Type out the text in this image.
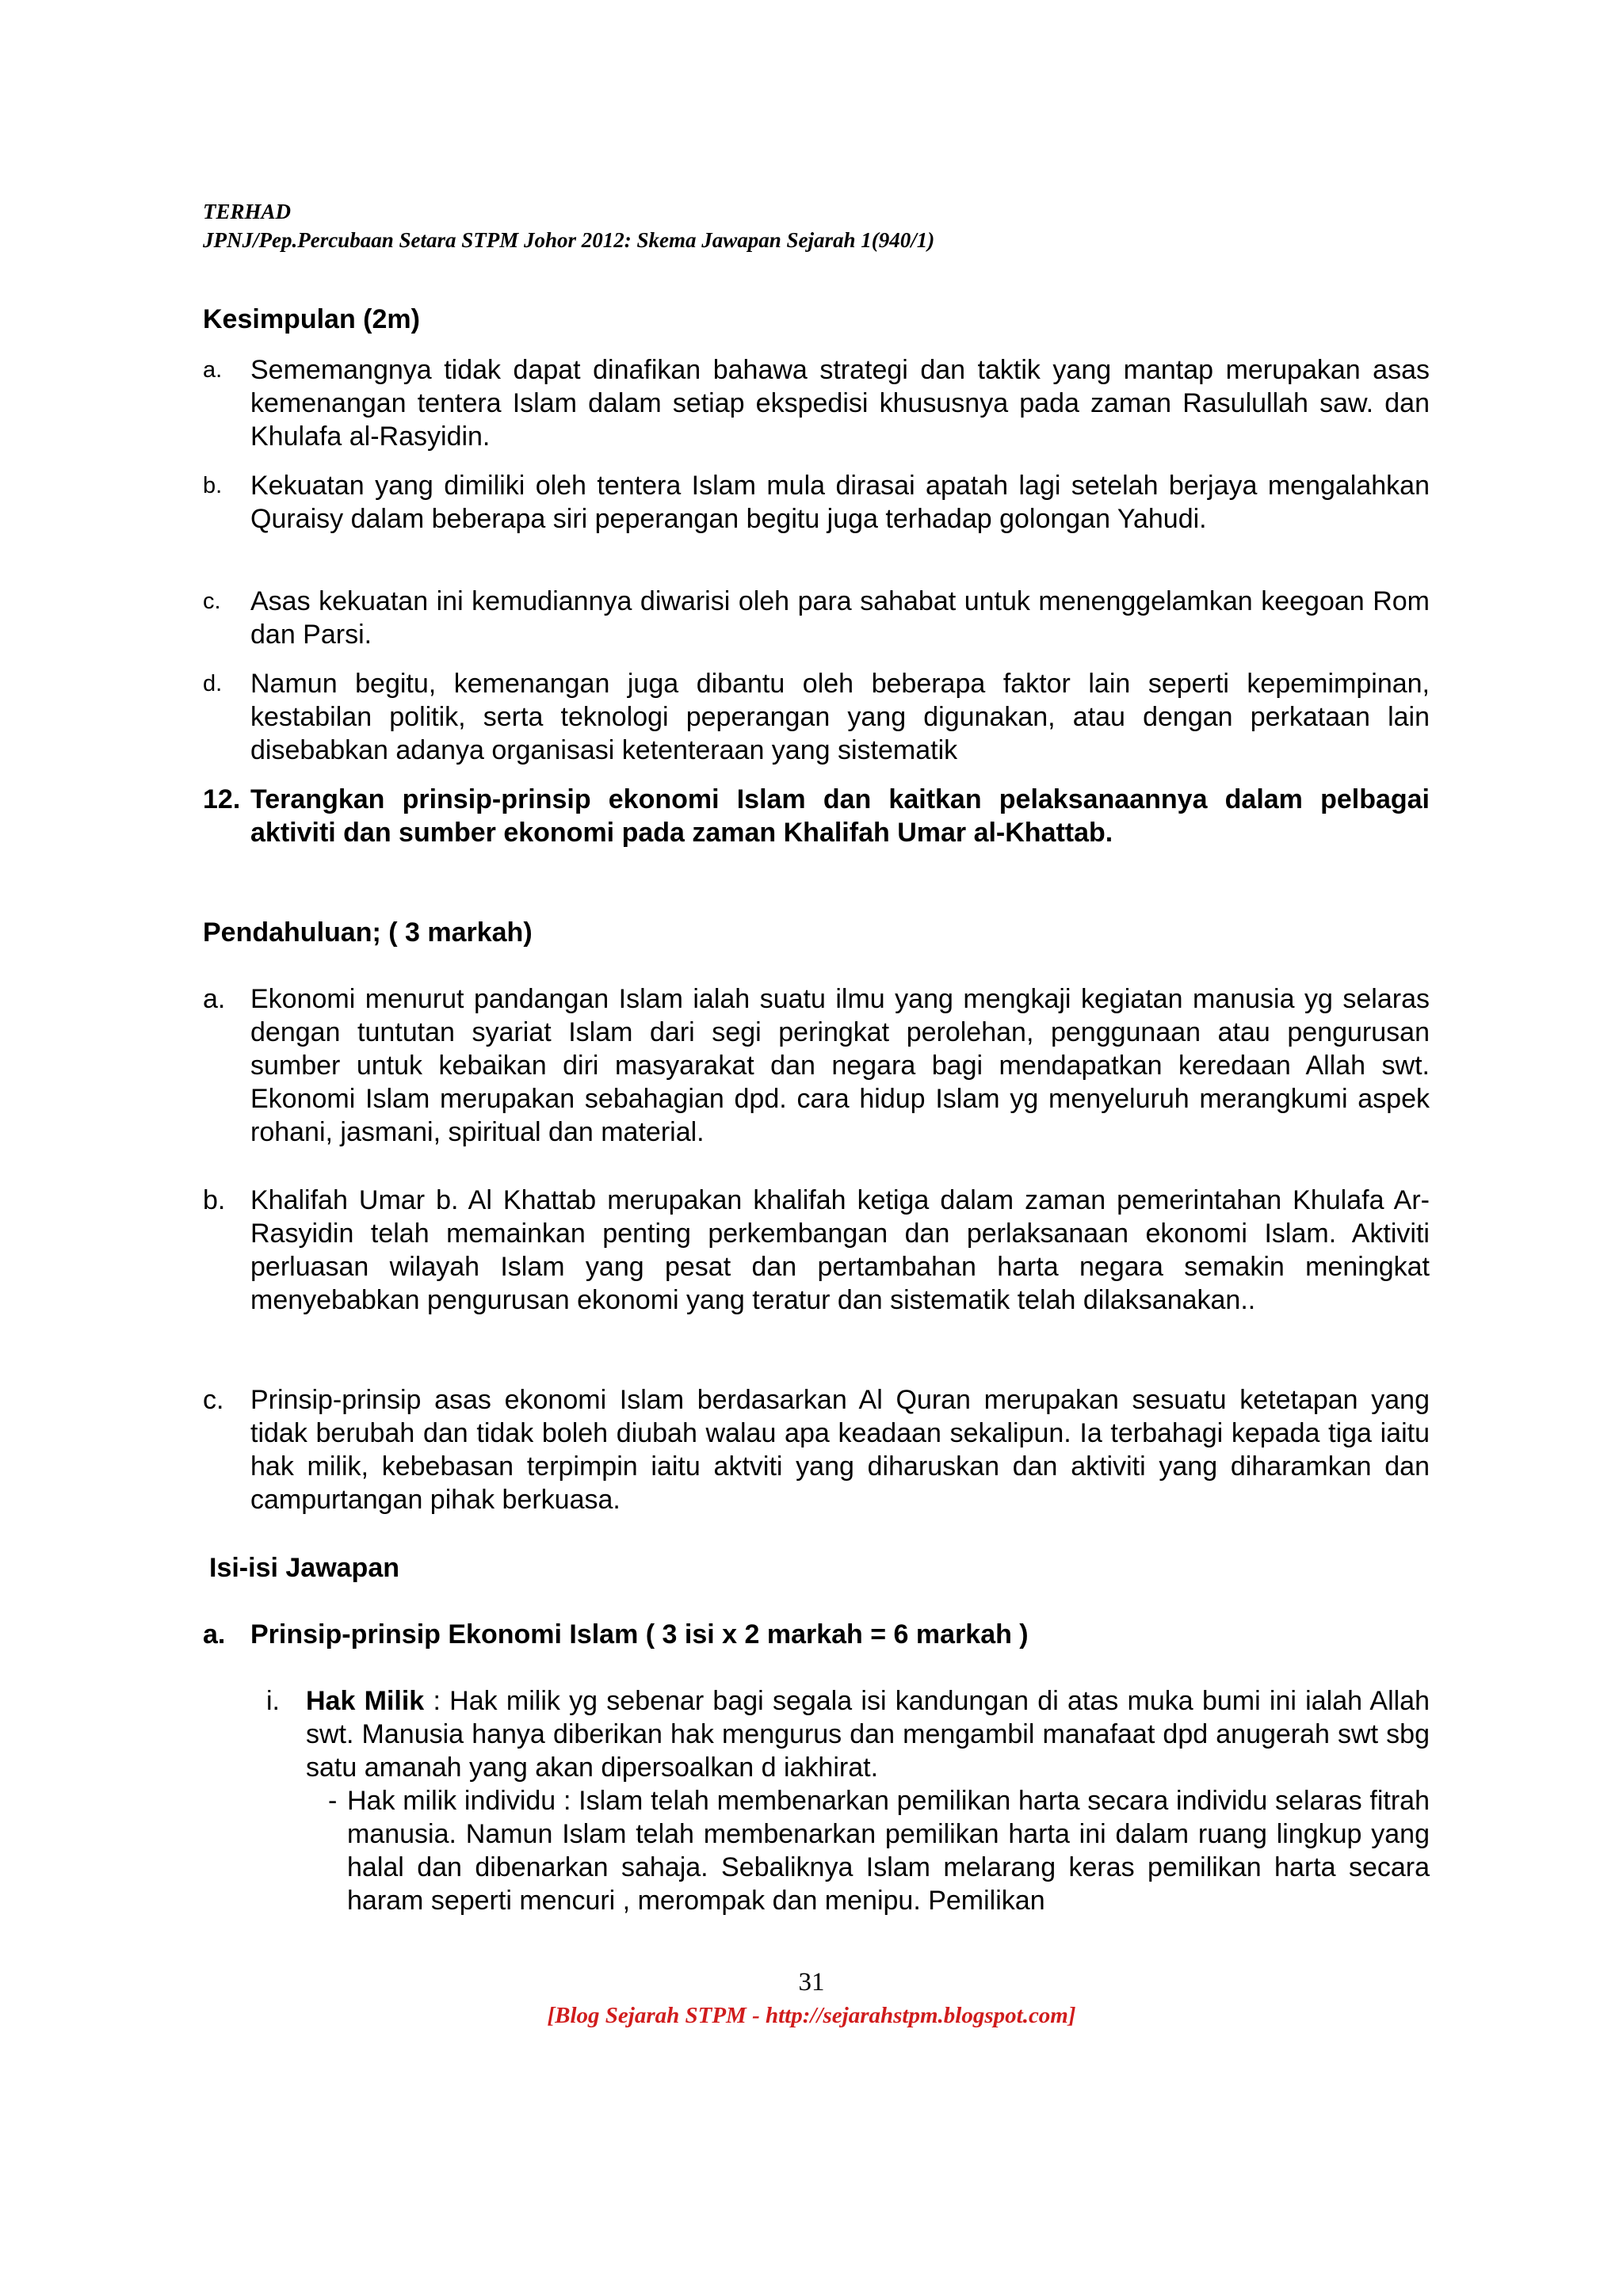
TERHAD
JPNJ/Pep.Percubaan Setara STPM Johor 2012: Skema Jawapan Sejarah 1(940/1)
Kesimpulan (2m)
a.	Sememangnya tidak dapat dinafikan bahawa strategi dan taktik yang mantap merupakan asas kemenangan tentera Islam dalam setiap ekspedisi khususnya pada zaman Rasulullah saw. dan Khulafa al-Rasyidin.
b.	Kekuatan yang dimiliki oleh tentera Islam mula dirasai apatah lagi setelah berjaya mengalahkan Quraisy dalam beberapa siri peperangan begitu juga terhadap golongan Yahudi.
c.	Asas kekuatan ini kemudiannya diwarisi oleh para sahabat untuk menenggelamkan keegoan Rom dan Parsi.
d.	Namun begitu, kemenangan juga dibantu oleh beberapa faktor lain seperti kepemimpinan, kestabilan politik, serta teknologi peperangan yang digunakan, atau dengan perkataan lain disebabkan adanya organisasi ketenteraan yang sistematik
12. Terangkan prinsip-prinsip ekonomi Islam dan kaitkan pelaksanaannya dalam pelbagai aktiviti dan sumber ekonomi pada zaman Khalifah Umar al-Khattab.
Pendahuluan; ( 3 markah)
a. Ekonomi menurut pandangan Islam ialah suatu ilmu yang mengkaji kegiatan manusia yg selaras dengan tuntutan syariat Islam dari segi peringkat perolehan, penggunaan atau pengurusan sumber untuk kebaikan diri masyarakat dan negara bagi mendapatkan keredaan Allah swt. Ekonomi Islam merupakan sebahagian dpd. cara hidup Islam yg menyeluruh merangkumi aspek rohani, jasmani, spiritual dan material.
b. Khalifah Umar b. Al Khattab merupakan khalifah ketiga dalam zaman pemerintahan Khulafa Ar-Rasyidin telah memainkan penting perkembangan dan perlaksanaan ekonomi Islam. Aktiviti perluasan wilayah Islam yang pesat dan pertambahan harta negara semakin meningkat menyebabkan pengurusan ekonomi yang teratur dan sistematik telah dilaksanakan..
c. Prinsip-prinsip asas ekonomi Islam berdasarkan Al Quran merupakan sesuatu ketetapan yang tidak berubah dan tidak boleh diubah walau apa keadaan sekalipun. Ia terbahagi kepada tiga iaitu hak milik, kebebasan terpimpin iaitu aktviti yang diharuskan dan aktiviti yang diharamkan dan campurtangan pihak berkuasa.
Isi-isi Jawapan
a. Prinsip-prinsip Ekonomi Islam ( 3 isi x 2 markah = 6 markah )
i. Hak Milik : Hak milik yg sebenar bagi segala isi kandungan di atas muka bumi ini ialah Allah swt. Manusia hanya diberikan hak mengurus dan mengambil manafaat dpd anugerah swt sbg satu amanah yang akan dipersoalkan d iakhirat.
- Hak milik individu : Islam telah membenarkan pemilikan harta secara individu selaras fitrah manusia. Namun Islam telah membenarkan pemilikan harta ini dalam ruang lingkup yang halal dan dibenarkan sahaja. Sebaliknya Islam melarang keras pemilikan harta secara haram seperti mencuri , merompak dan menipu. Pemilikan
31
[Blog Sejarah STPM - http://sejarahstpm.blogspot.com]
